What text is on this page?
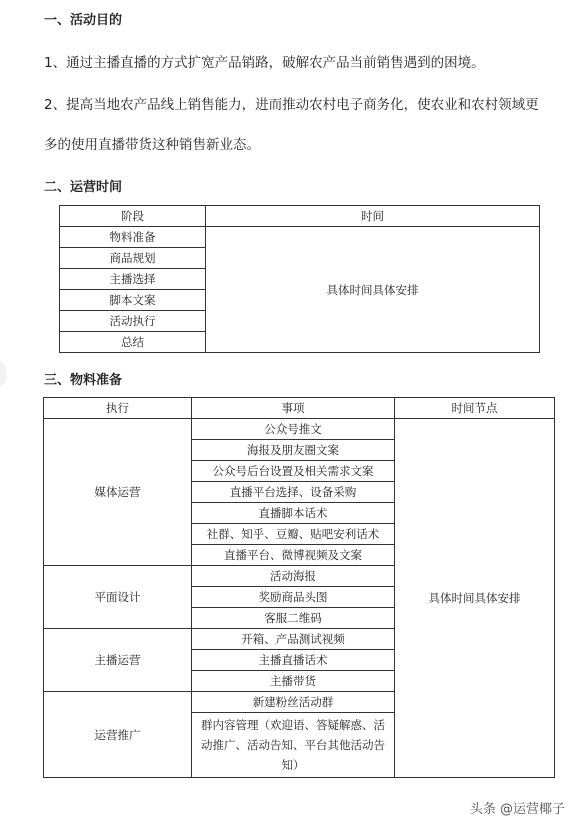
一、活动目的
1、通过主播直播的方式扩宽产品销路，破解农产品当前销售遇到的困境。
2、提高当地农产品线上销售能力，进而推动农村电子商务化，使农业和农村领域更
多的使用直播带货这种销售新业态。
二、运营时间
阶段	时间
物料准备	具体时间具体安排
商品规划	
主播选择	
脚本文案	
活动执行	
总结	
三、物料准备
执行	事项	时间节点
媒体运营	公众号推文	具体时间具体安排
	海报及朋友圈文案	
	公众号后台设置及相关需求文案	
	直播平台选择、设备采购	
	直播脚本话术	
	社群、知乎、豆瓣、贴吧安利话术	
	直播平台、微博视频及文案	
平面设计	活动海报	
	奖励商品头图	
	客服二维码	
主播运营	开箱、产品测试视频	
	主播直播话术	
	主播带货	
运营推广	新建粉丝活动群	
	群内容管理（欢迎语、答疑解惑、活动推广、活动告知、平台其他活动告知）	
头条 @运营椰子
